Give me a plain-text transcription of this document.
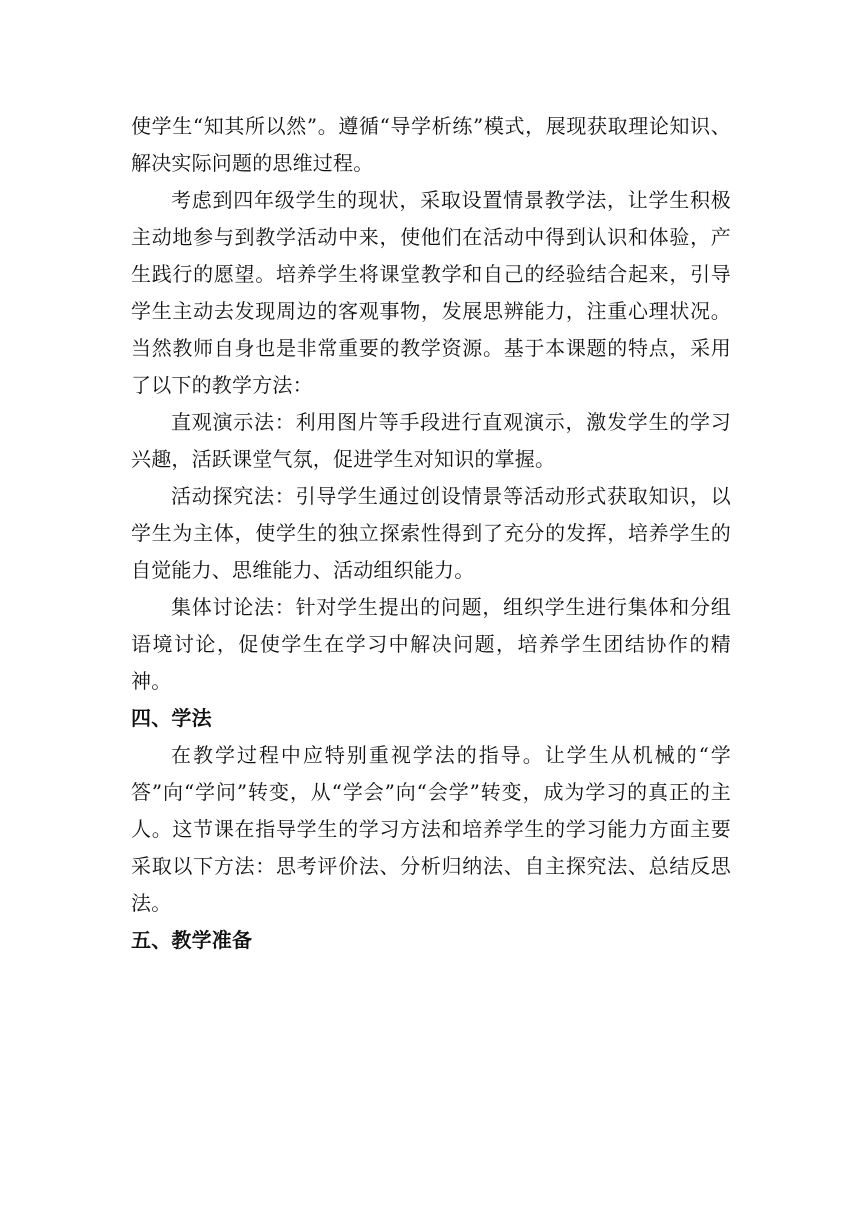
使学生“知其所以然”。遵循“导学析练”模式，展现获取理论知识、解决实际问题的思维过程。

考虑到四年级学生的现状，采取设置情景教学法，让学生积极主动地参与到教学活动中来，使他们在活动中得到认识和体验，产生践行的愿望。培养学生将课堂教学和自己的经验结合起来，引导学生主动去发现周边的客观事物，发展思辨能力，注重心理状况。当然教师自身也是非常重要的教学资源。基于本课题的特点，采用了以下的教学方法：

直观演示法：利用图片等手段进行直观演示，激发学生的学习兴趣，活跃课堂气氛，促进学生对知识的掌握。

活动探究法：引导学生通过创设情景等活动形式获取知识，以学生为主体，使学生的独立探索性得到了充分的发挥，培养学生的自觉能力、思维能力、活动组织能力。

集体讨论法：针对学生提出的问题，组织学生进行集体和分组语境讨论，促使学生在学习中解决问题，培养学生团结协作的精神。

四、学法

在教学过程中应特别重视学法的指导。让学生从机械的“学答”向“学问”转变，从“学会”向“会学”转变，成为学习的真正的主人。这节课在指导学生的学习方法和培养学生的学习能力方面主要采取以下方法：思考评价法、分析归纳法、自主探究法、总结反思法。

五、教学准备
